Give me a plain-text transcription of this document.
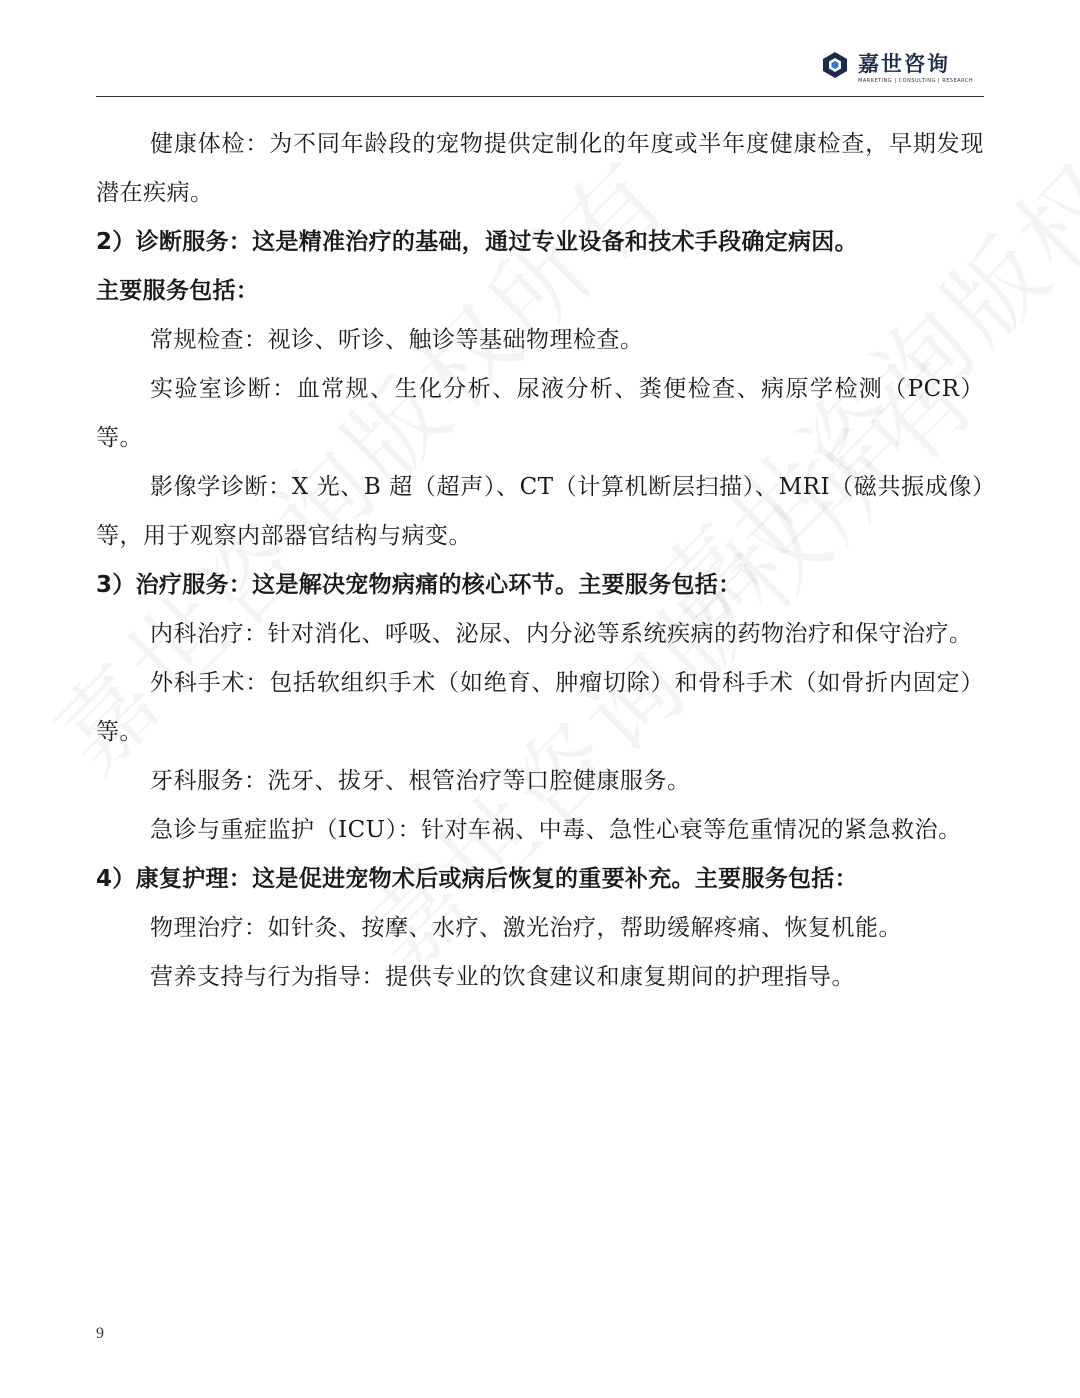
嘉世咨询
MARKETING | CONSULTING | RESEARCH

健康体检：为不同年龄段的宠物提供定制化的年度或半年度健康检查，早期发现潜在疾病。

2）诊断服务：这是精准治疗的基础，通过专业设备和技术手段确定病因。

主要服务包括：

常规检查：视诊、听诊、触诊等基础物理检查。

实验室诊断：血常规、生化分析、尿液分析、粪便检查、病原学检测（PCR）等。

影像学诊断：X 光、B 超（超声）、CT（计算机断层扫描）、MRI（磁共振成像）等，用于观察内部器官结构与病变。

3）治疗服务：这是解决宠物病痛的核心环节。主要服务包括：

内科治疗：针对消化、呼吸、泌尿、内分泌等系统疾病的药物治疗和保守治疗。

外科手术：包括软组织手术（如绝育、肿瘤切除）和骨科手术（如骨折内固定）等。

牙科服务：洗牙、拔牙、根管治疗等口腔健康服务。

急诊与重症监护（ICU）：针对车祸、中毒、急性心衰等危重情况的紧急救治。

4）康复护理：这是促进宠物术后或病后恢复的重要补充。主要服务包括：

物理治疗：如针灸、按摩、水疗、激光治疗，帮助缓解疼痛、恢复机能。

营养支持与行为指导：提供专业的饮食建议和康复期间的护理指导。

9
